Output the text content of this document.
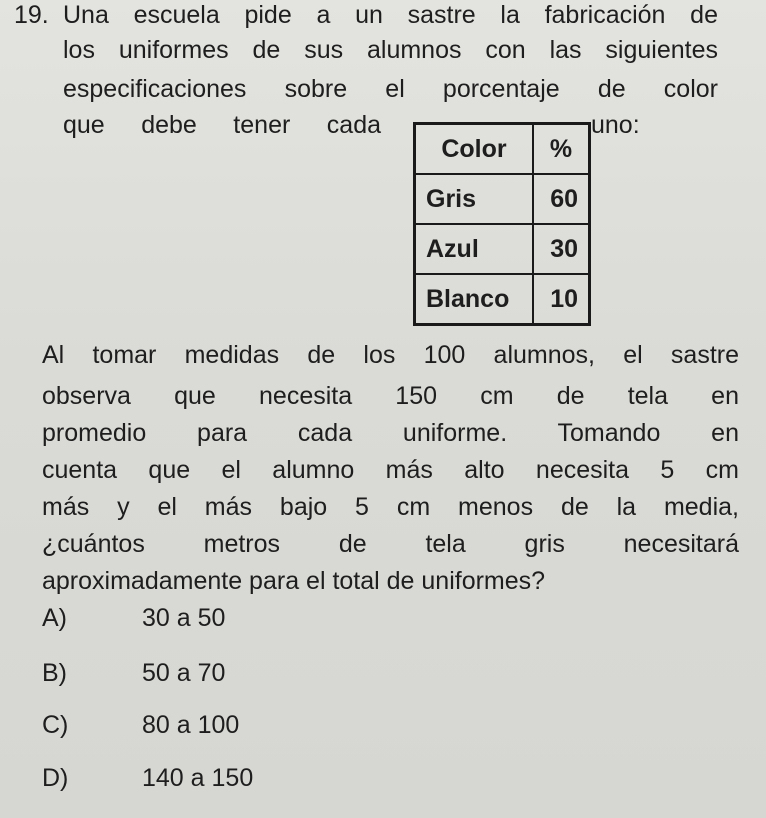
19. Una escuela pide a un sastre la fabricación de
los uniformes de sus alumnos con las siguientes
especificaciones sobre el porcentaje de color
que debe tener cada	uno:
Color	%
Gris	60
Azul	30
Blanco	10
Al tomar medidas de los 100 alumnos, el sastre
observa que necesita 150 cm de tela en
promedio para cada uniforme. Tomando en
cuenta que el alumno más alto necesita 5 cm
más y el más bajo 5 cm menos de la media,
¿cuántos metros de tela gris necesitará
aproximadamente para el total de uniformes?
A)	30 a 50
B)	50 a 70
C)	80 a 100
D)	140 a 150
